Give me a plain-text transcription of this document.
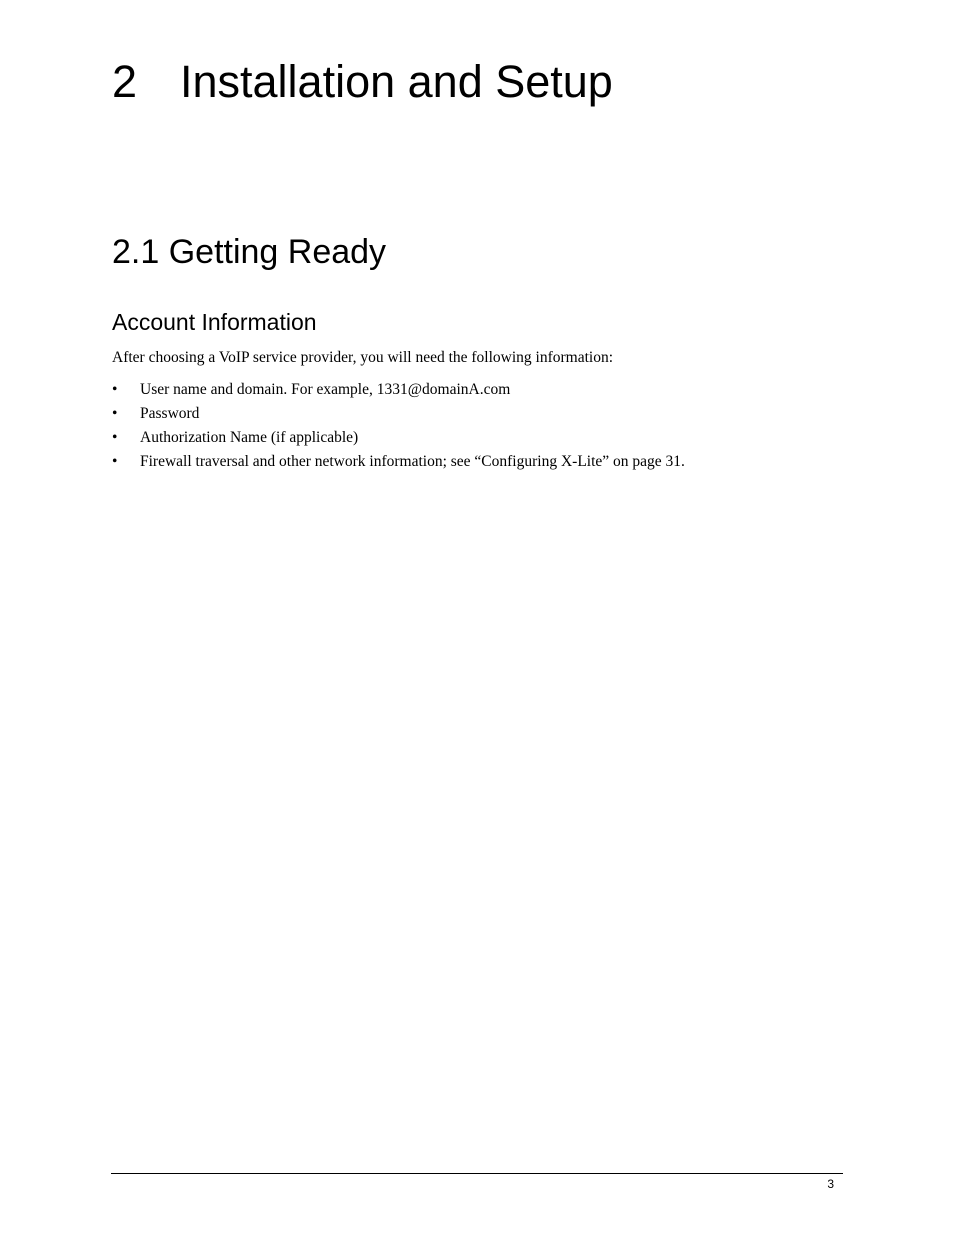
2 Installation and Setup
2.1 Getting Ready
Account Information

After choosing a VoIP service provider, you will need the following information:

• User name and domain. For example, 1331@domainA.com
• Password
• Authorization Name (if applicable)
• Firewall traversal and other network information; see “Configuring X-Lite” on page 31.
3
